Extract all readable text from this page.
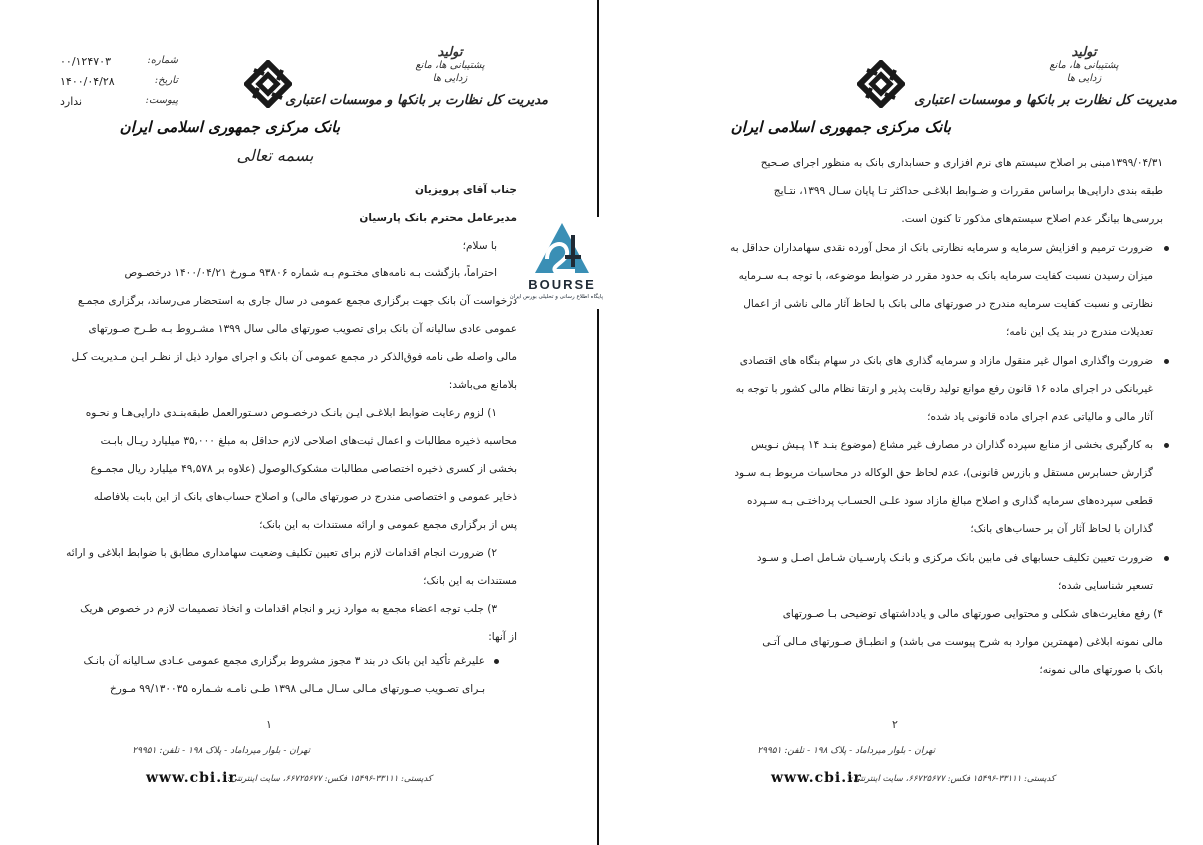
تولید
پشتیبانی ها، مانع زدایی ها
مدیریت کل نظارت بر بانکها و موسسات اعتباری
بانک مرکزی جمهوری اسلامی ایران
بسمه تعالی
شماره:
۰۰/۱۲۴۷۰۳
تاریخ:
۱۴۰۰/۰۴/۲۸
پیوست:
ندارد
جناب آقای پرویزیان
مدیرعامل محترم بانک پارسیان
با سلام؛
احتراماً، بازگشت بـه نامه‌های مختـوم بـه شماره ۹۳۸۰۶ مـورخ ۱۴۰۰/۰۴/۲۱ درخصـوص
درخواست آن بانک جهت برگزاری مجمع عمومی در سال جاری به استحضار می‌رساند، برگزاری مجمـع
عمومی عادی سالیانه آن بانک برای تصویب صورتهای مالی سال ۱۳۹۹ مشـروط بـه طـرح صـورتهای
مالی واصله طی نامه فوق‌الذکر در مجمع عمومی آن بانک و اجرای موارد ذیل از نظـر ایـن مـدیریت کـل
بلامانع می‌باشد:
۱) لزوم رعایت ضوابط ابلاغـی ایـن بانـک درخصـوص دسـتورالعمل طبقه‌بنـدی دارایی‌هـا و نحـوه
محاسبه ذخیره مطالبات و اعمال ثبت‌های اصلاحی لازم حداقل به مبلغ ۳۵,۰۰۰ میلیارد ریـال بابـت
بخشی از کسری ذخیره اختصاصی مطالبات مشکوک‌الوصول (علاوه بر ۴۹,۵۷۸ میلیارد ریال مجمـوع
ذخایر عمومی و اختصاصی مندرج در صورتهای مالی) و اصلاح حساب‌های بانک از این بابت بلافاصله
پس از برگزاری مجمع عمومی و ارائه مستندات به این بانک؛
۲) ضرورت انجام اقدامات لازم برای تعیین تکلیف وضعیت سهامداری مطابق با ضوابط ابلاغی و ارائه
مستندات به این بانک؛
۳) جلب توجه اعضاء مجمع به موارد زیر و انجام اقدامات و اتخاذ تصمیمات لازم در خصوص هریک
از آنها:
علیرغم تأکید این بانک در بند ۳ مجوز مشروط برگزاری مجمع عمومی عـادی سـالیانه آن بانـک
بـرای تصـویب صـورتهای مـالی سـال مـالی ۱۳۹۸ طـی نامـه شـماره ۹۹/۱۳۰۰۳۵ مـورخ
۱
تهران - بلوار میرداماد - پلاک ۱۹۸ - تلفن: ۲۹۹۵۱
www.cbi.ir
کدپستی: ۳۳۱۱۱-۱۵۴۹۶ فکس: ۶۶۷۲۵۶۷۷، سایت اینترنتی:
BOURSE
پایگاه اطلاع رسانی و تحلیلی بورس ایران
تولید
پشتیبانی ها، مانع زدایی ها
مدیریت کل نظارت بر بانکها و موسسات اعتباری
بانک مرکزی جمهوری اسلامی ایران
۱۳۹۹/۰۴/۳۱مبنی بر اصلاح سیستم های نرم افزاری و حسابداری بانک به منظور اجرای صـحیح
طبقه بندی دارایی‌ها براساس مقررات و ضـوابط ابلاغـی حداکثر تـا پایان سـال ۱۳۹۹، نتـایج
بررسی‌ها بیانگر عدم اصلاح سیستم‌های مذکور تا کنون است.
ضرورت ترمیم و افزایش سرمایه و سرمایه نظارتی بانک از محل آورده نقدی سهامداران حداقل به
میزان رسیدن نسبت کفایت سرمایه بانک به حدود مقرر در ضوابط موضوعه، با توجه بـه سـرمایه
نظارتی و نسبت کفایت سرمایه مندرج در صورتهای مالی بانک با لحاظ آثار مالی ناشی از اعمال
تعدیلات مندرج در بند یک این نامه؛
ضرورت واگذاری اموال غیر منقول مازاد و سرمایه گذاری های بانک در سهام بنگاه های اقتصادی
غیربانکی در اجرای ماده ۱۶ قانون رفع موانع تولید رقابت پذیر و ارتقا نظام مالی کشور با توجه به
آثار مالی و مالیاتی عدم اجرای ماده قانونی یاد شده؛
به کارگیری بخشی از منابع سپرده گذاران در مصارف غیر مشاع (موضوع بنـد ۱۴ پـیش نـویس
گزارش حسابرس مستقل و بازرس قانونی)، عدم لحاظ حق الوکاله در محاسبات مربوط بـه سـود
قطعی سپرده‌های سرمایه گذاری و اصلاح مبالغ مازاد سود علـی الحسـاب پرداختـی بـه سـپرده
گذاران با لحاظ آثار آن بر حساب‌های بانک؛
ضرورت تعیین تکلیف حسابهای فی مابین بانک مرکزی و بانـک پارسـیان شـامل اصـل و سـود
تسعیر شناسایی شده؛
۴) رفع مغایرت‌های شکلی و محتوایی صورتهای مالی و یادداشتهای توضیحی بـا صـورتهای
مالی نمونه ابلاغی (مهمترین موارد به شرح پیوست می باشد) و انطبـاق صـورتهای مـالی آتـی
بانک با صورتهای مالی نمونه؛
۲
تهران - بلوار میرداماد - پلاک ۱۹۸ - تلفن: ۲۹۹۵۱
www.cbi.ir
کدپستی: ۳۳۱۱۱-۱۵۴۹۶ فکس: ۶۶۷۲۵۶۷۷، سایت اینترنتی:
